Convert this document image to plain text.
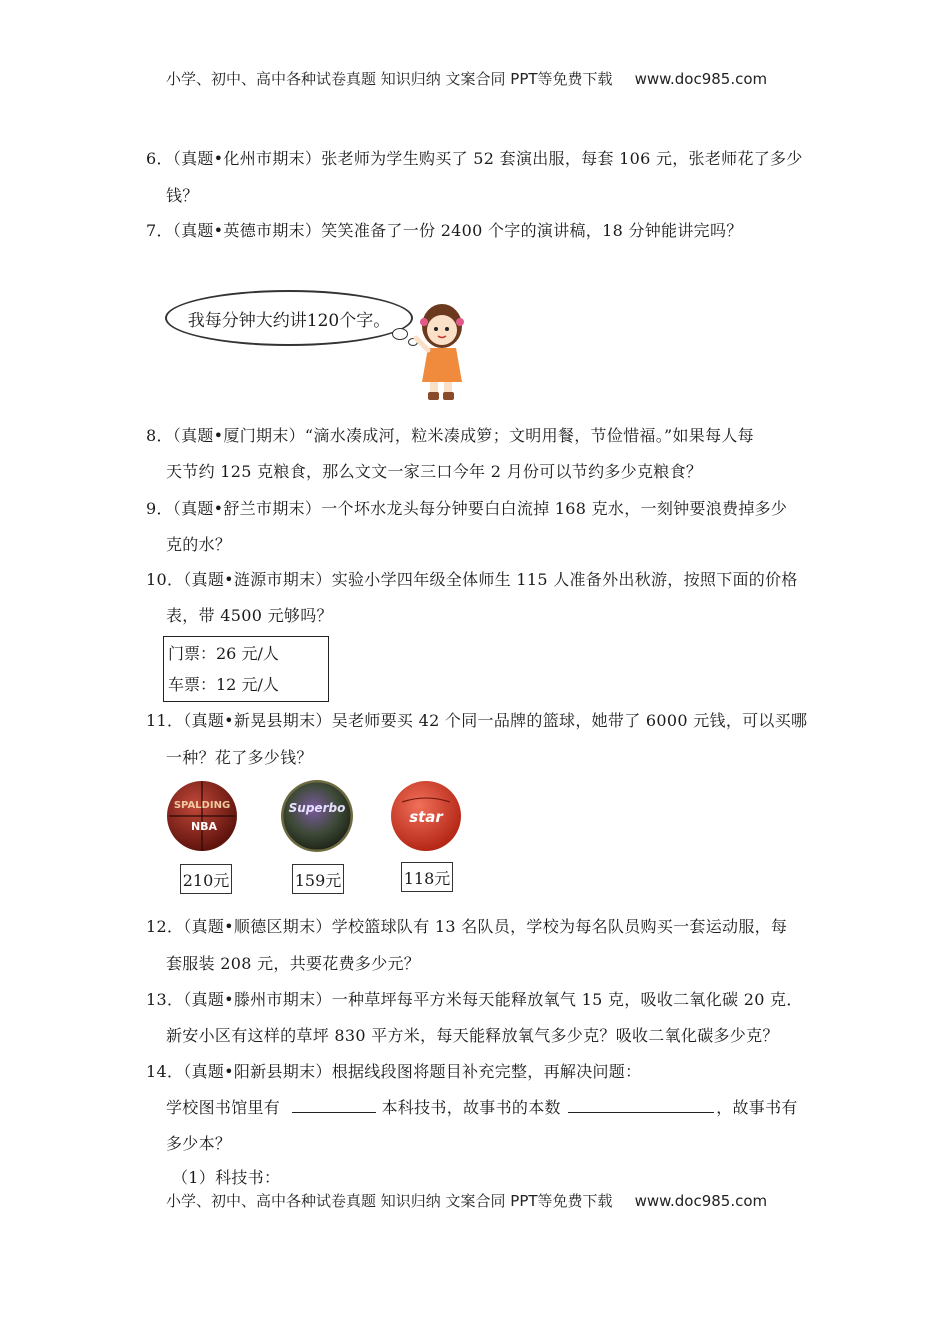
小学、初中、高中各种试卷真题 知识归纳 文案合同 PPT等免费下载 www.doc985.com
6．（真题•化州市期末）张老师为学生购买了 52 套演出服，每套 106 元，张老师花了多少
钱？
7．（真题•英德市期末）笑笑准备了一份 2400 个字的演讲稿，18 分钟能讲完吗？
我每分钟大约讲120个字。
8．（真题•厦门期末）“滴水凑成河，粒米凑成箩；文明用餐，节俭惜福。”如果每人每
天节约 125 克粮食，那么文文一家三口今年 2 月份可以节约多少克粮食？
9．（真题•舒兰市期末）一个坏水龙头每分钟要白白流掉 168 克水，一刻钟要浪费掉多少
克的水？
10．（真题•涟源市期末）实验小学四年级全体师生 115 人准备外出秋游，按照下面的价格
表，带 4500 元够吗？
门票：26 元/人
车票：12 元/人
11．（真题•新晃县期末）吴老师要买 42 个同一品牌的篮球，她带了 6000 元钱，可以买哪
一种？花了多少钱？
SPALDING
NBA
210元
Superbo
159元
star
118元
12．（真题•顺德区期末）学校篮球队有 13 名队员，学校为每名队员购买一套运动服，每
套服装 208 元，共要花费多少元？
13．（真题•滕州市期末）一种草坪每平方米每天能释放氧气 15 克，吸收二氧化碳 20 克．
新安小区有这样的草坪 830 平方米，每天能释放氧气多少克？吸收二氧化碳多少克？
14．（真题•阳新县期末）根据线段图将题目补充完整，再解决问题：
学校图书馆里有	本科技书，故事书的本数	，故事书有
多少本？
（1）科技书：
小学、初中、高中各种试卷真题 知识归纳 文案合同 PPT等免费下载 www.doc985.com
